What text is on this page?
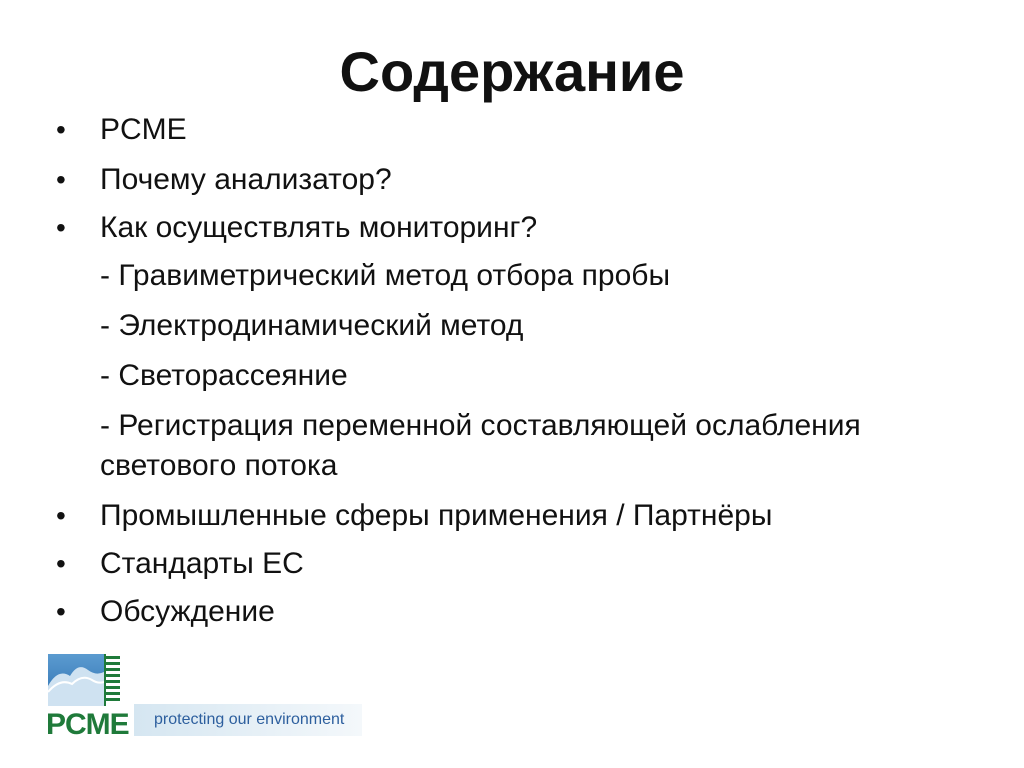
Содержание
•	PCME
•	Почему анализатор?
•	Как осуществлять мониторинг?
- Гравиметрический метод отбора пробы
- Электродинамический метод
- Светорассеяние
- Регистрация переменной составляющей ослабления
световогo потока
•	Промышленные сферы применения / Партнёры
•	Стандарты ЕС
•	Обсуждение
PCME protecting our environment
